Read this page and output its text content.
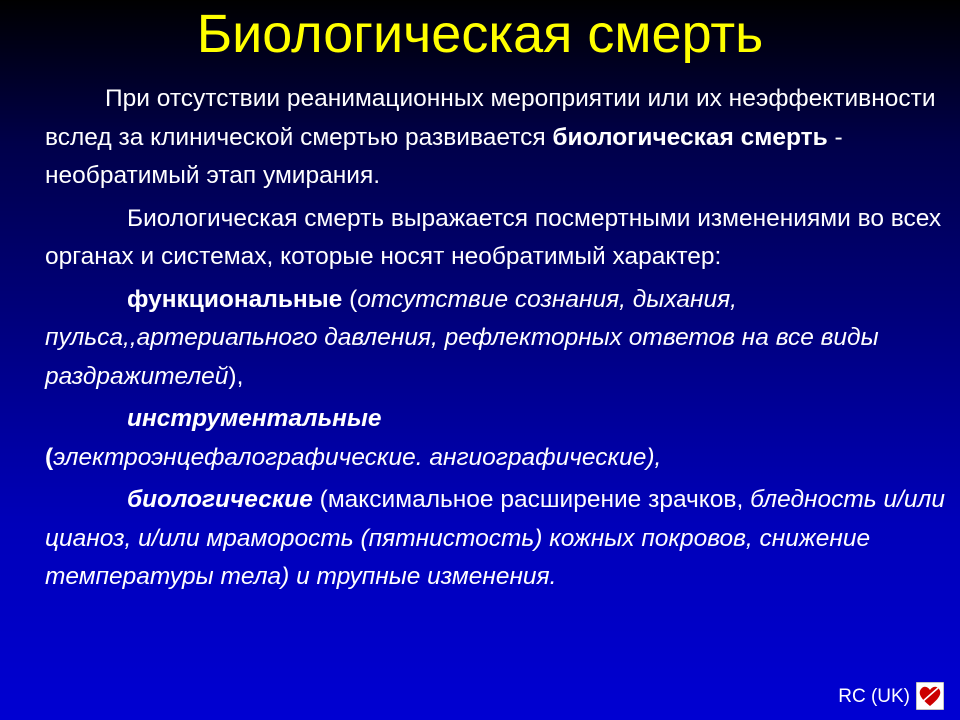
Биологическая смерть

При отсутствии реанимационных мероприятии или их неэффективности вслед за клинической смертью развивается биологическая смерть - необратимый этап умирания.

Биологическая смерть выражается посмертными изменениями во всех органах и системах, которые носят необратимый характер:

функциональные (отсутствие сознания, дыхания, пульса,,артериапьного давления, рефлекторных ответов на все виды раздражителей),

инструментальные
(электроэнцефалографические. ангиографические),

биологические (максимальное расширение зрачков, бледность и/или цианоз, и/или мраморость (пятнистость) кожных покровов, снижение температуры тела) и трупные изменения.

RC (UK)
